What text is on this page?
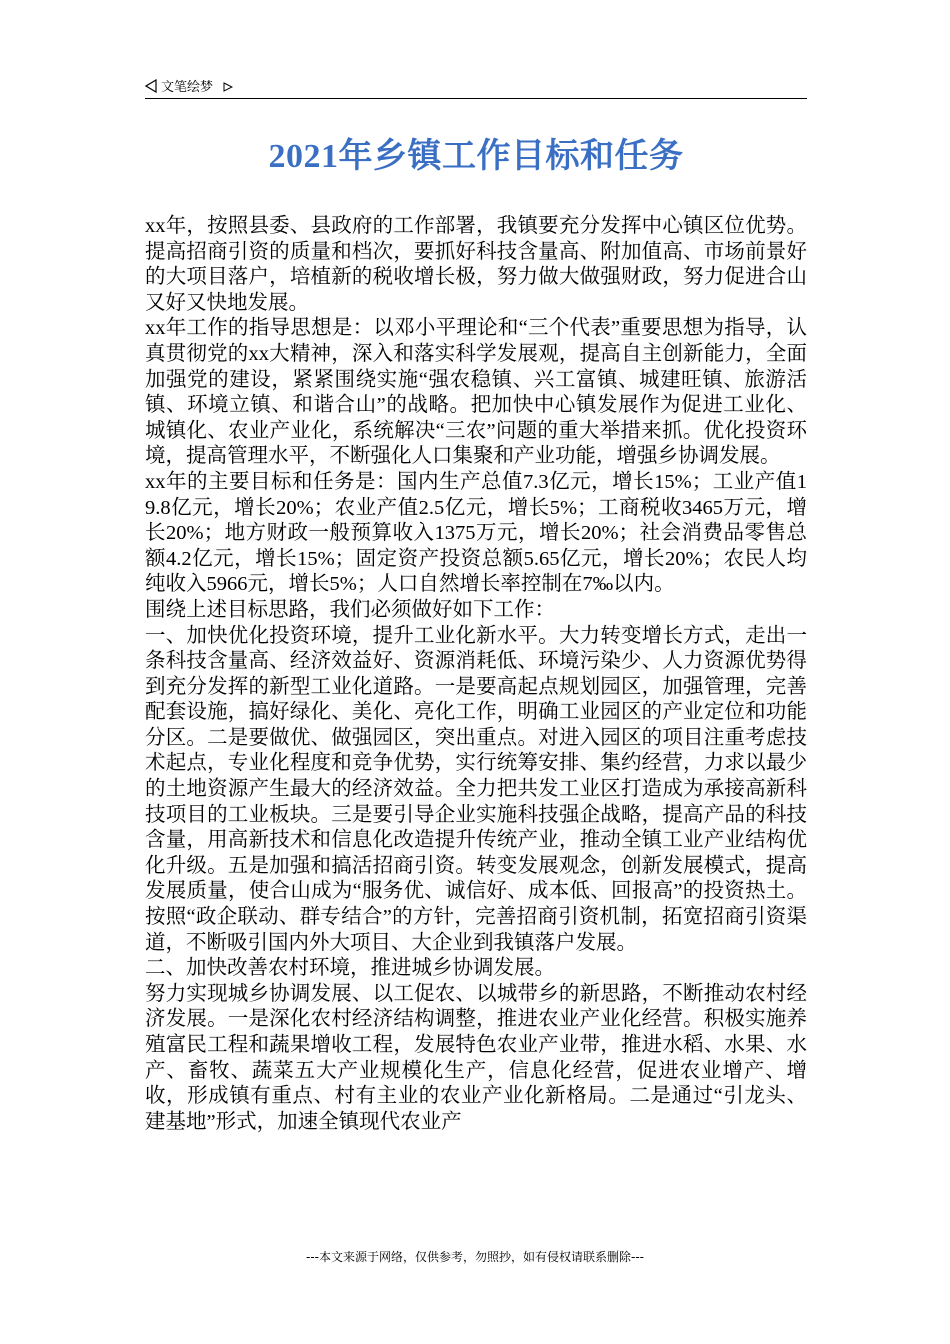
文笔绘梦
2021年乡镇工作目标和任务

xx年，按照县委、县政府的工作部署，我镇要充分发挥中心镇区位优势。提高招商引资的质量和档次，要抓好科技含量高、附加值高、市场前景好的大项目落户，培植新的税收增长极，努力做大做强财政，努力促进合山又好又快地发展。

xx年工作的指导思想是：以邓小平理论和“三个代表”重要思想为指导，认真贯彻党的xx大精神，深入和落实科学发展观，提高自主创新能力，全面加强党的建设，紧紧围绕实施“强农稳镇、兴工富镇、城建旺镇、旅游活镇、环境立镇、和谐合山”的战略。把加快中心镇发展作为促进工业化、城镇化、农业产业化，系统解决“三农”问题的重大举措来抓。优化投资环境，提高管理水平，不断强化人口集聚和产业功能，增强乡协调发展。

xx年的主要目标和任务是：国内生产总值7.3亿元，增长15%；工业产值19.8亿元，增长20%；农业产值2.5亿元，增长5%；工商税收3465万元，增长20%；地方财政一般预算收入1375万元，增长20%；社会消费品零售总额4.2亿元，增长15%；固定资产投资总额5.65亿元，增长20%；农民人均纯收入5966元，增长5%；人口自然增长率控制在7‰以内。

围绕上述目标思路，我们必须做好如下工作：

一、加快优化投资环境，提升工业化新水平。大力转变增长方式，走出一条科技含量高、经济效益好、资源消耗低、环境污染少、人力资源优势得到充分发挥的新型工业化道路。一是要高起点规划园区，加强管理，完善配套设施，搞好绿化、美化、亮化工作，明确工业园区的产业定位和功能分区。二是要做优、做强园区，突出重点。对进入园区的项目注重考虑技术起点，专业化程度和竞争优势，实行统筹安排、集约经营，力求以最少的土地资源产生最大的经济效益。全力把共发工业区打造成为承接高新科技项目的工业板块。三是要引导企业实施科技强企战略，提高产品的科技含量，用高新技术和信息化改造提升传统产业，推动全镇工业产业结构优化升级。五是加强和搞活招商引资。转变发展观念，创新发展模式，提高发展质量，使合山成为“服务优、诚信好、成本低、回报高”的投资热土。按照“政企联动、群专结合”的方针，完善招商引资机制，拓宽招商引资渠道，不断吸引国内外大项目、大企业到我镇落户发展。

二、加快改善农村环境，推进城乡协调发展。

努力实现城乡协调发展、以工促农、以城带乡的新思路，不断推动农村经济发展。一是深化农村经济结构调整，推进农业产业化经营。积极实施养殖富民工程和蔬果增收工程，发展特色农业产业带，推进水稻、水果、水产、畜牧、蔬菜五大产业规模化生产，信息化经营，促进农业增产、增收，形成镇有重点、村有主业的农业产业化新格局。二是通过“引龙头、建基地”形式，加速全镇现代农业产

---本文来源于网络，仅供参考，勿照抄，如有侵权请联系删除---
